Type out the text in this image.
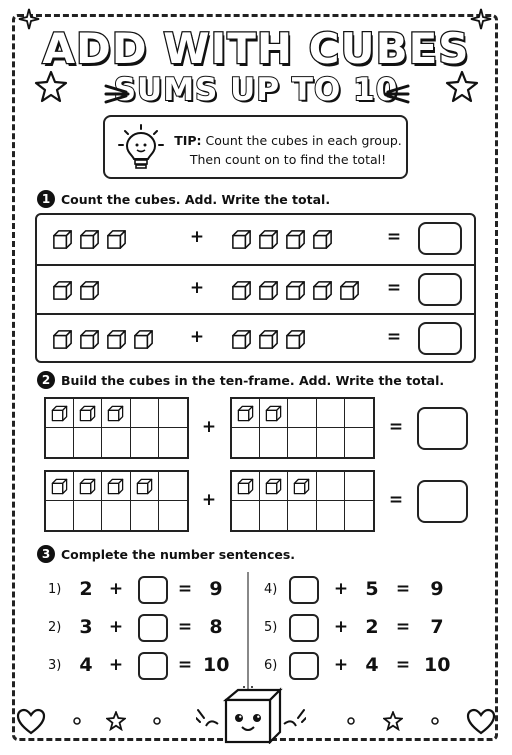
ADD WITH CUBES
SUMS UP TO 10
TIP: Count the cubes in each group.
Then count on to find the total!
1 Count the cubes. Add. Write the total.
+	=
+	=
+	=
2 Build the cubes in the ten-frame. Add. Write the total.
+	=
+	=
3 Complete the number sentences.
1) 2 +	= 9
2) 3 +	= 8
3) 4 +	= 10
4)	+ 5	=	9
5)	+ 2	=	7
6)	+ 4	= 10
